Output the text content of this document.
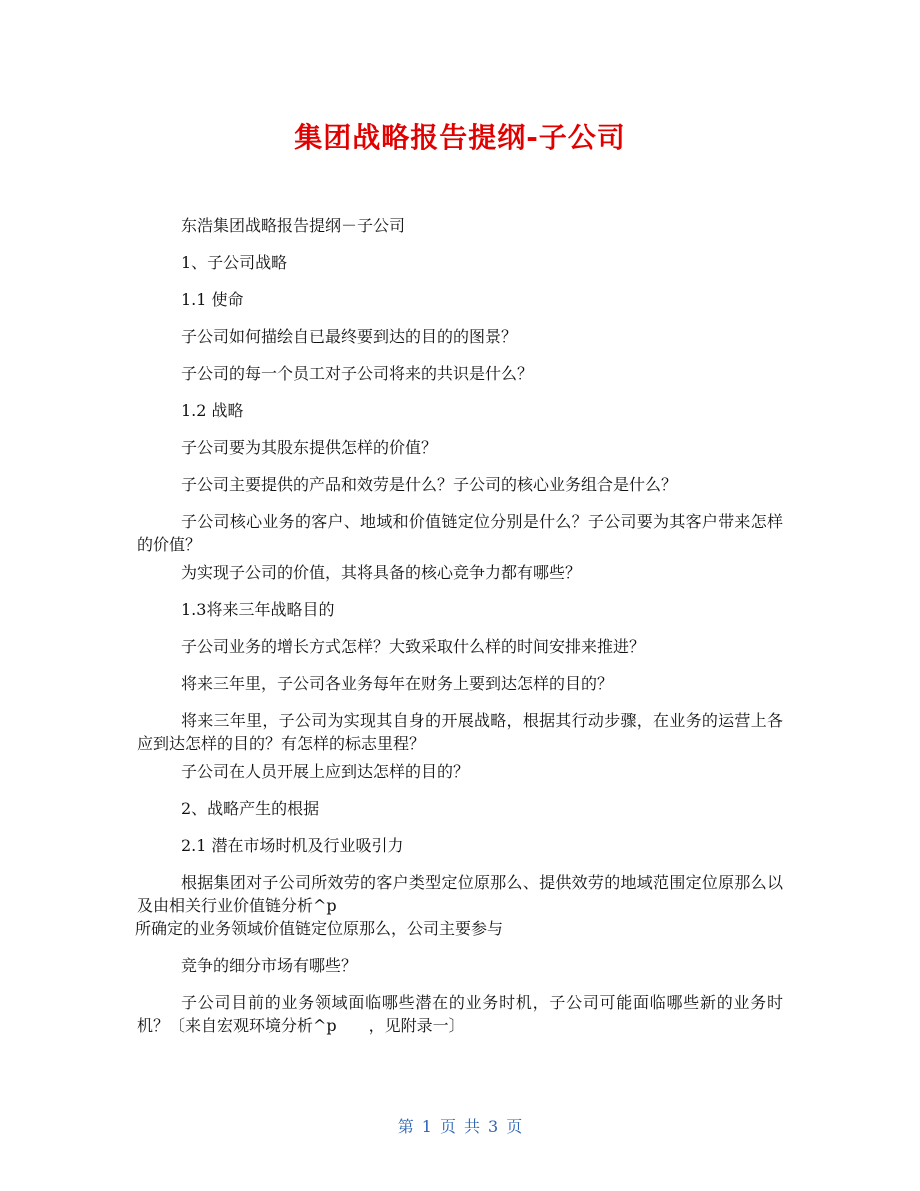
集团战略报告提纲-子公司

东浩集团战略报告提纲－子公司

1、子公司战略

1.1 使命

子公司如何描绘自已最终要到达的目的的图景？

子公司的每一个员工对子公司将来的共识是什么？

1.2 战略

子公司要为其股东提供怎样的价值？

子公司主要提供的产品和效劳是什么？子公司的核心业务组合是什么？

子公司核心业务的客户、地域和价值链定位分别是什么？子公司要为其客户带来怎样的价值？

为实现子公司的价值，其将具备的核心竞争力都有哪些？

1.3将来三年战略目的

子公司业务的增长方式怎样？大致采取什么样的时间安排来推进？

将来三年里，子公司各业务每年在财务上要到达怎样的目的？

将来三年里，子公司为实现其自身的开展战略，根据其行动步骤，在业务的运营上各应到达怎样的目的？有怎样的标志里程？

子公司在人员开展上应到达怎样的目的？

2、战略产生的根据

2.1 潜在市场时机及行业吸引力

根据集团对子公司所效劳的客户类型定位原那么、提供效劳的地域范围定位原那么以及由相关行业价值链分析^p

所确定的业务领域价值链定位原那么，公司主要参与

竞争的细分市场有哪些？

子公司目前的业务领域面临哪些潜在的业务时机，子公司可能面临哪些新的业务时机？〔来自宏观环境分析^p　　，见附录一〕

第 1 页 共 3 页
